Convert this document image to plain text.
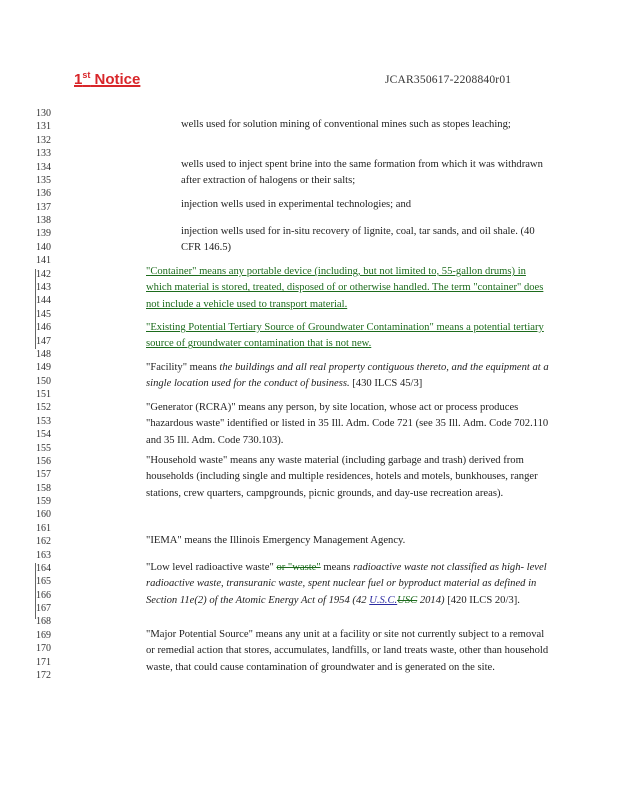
1st Notice	JCAR350617-2208840r01
130
131
132
133
134
135
136
137
138
139
140
141
142
143
144
145
146
147
148
149
150
151
152
153
154
155
156
157
158
159
160
161
162
163
164
165
166
167
168
169
170
171
172
wells used for solution mining of conventional mines such as stopes leaching;
wells used to inject spent brine into the same formation from which it was withdrawn after extraction of halogens or their salts;
injection wells used in experimental technologies; and
injection wells used for in-situ recovery of lignite, coal, tar sands, and oil shale. (40 CFR 146.5)
"Container" means any portable device (including, but not limited to, 55-gallon drums) in which material is stored, treated, disposed of or otherwise handled. The term "container" does not include a vehicle used to transport material.
"Existing Potential Tertiary Source of Groundwater Contamination" means a potential tertiary source of groundwater contamination that is not new.
"Facility" means the buildings and all real property contiguous thereto, and the equipment at a single location used for the conduct of business. [430 ILCS 45/3]
"Generator (RCRA)" means any person, by site location, whose act or process produces "hazardous waste" identified or listed in 35 Ill. Adm. Code 721 (see 35 Ill. Adm. Code 702.110 and 35 Ill. Adm. Code 730.103).
"Household waste" means any waste material (including garbage and trash) derived from households (including single and multiple residences, hotels and motels, bunkhouses, ranger stations, crew quarters, campgrounds, picnic grounds, and day-use recreation areas).
"IEMA" means the Illinois Emergency Management Agency.
"Low level radioactive waste" or "waste" means radioactive waste not classified as high- level radioactive waste, transuranic waste, spent nuclear fuel or byproduct material as defined in Section 11e(2) of the Atomic Energy Act of 1954 (42 U.S.C.USC 2014) [420 ILCS 20/3].
"Major Potential Source" means any unit at a facility or site not currently subject to a removal or remedial action that stores, accumulates, landfills, or land treats waste, other than household waste, that could cause contamination of groundwater and is generated on the site.
